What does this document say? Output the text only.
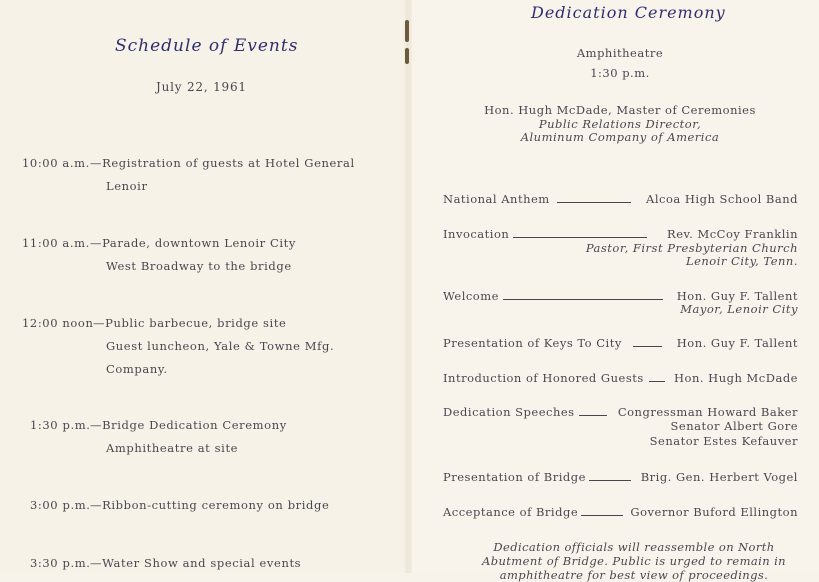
Schedule of Events
July 22, 1961
10:00 a.m. —Registration of guests at Hotel General
Lenoir
11:00 a.m. —Parade, downtown Lenoir City
West Broadway to the bridge
12:00 noon —Public barbecue, bridge site
Guest luncheon, Yale & Towne Mfg.
Company.
1:30 p.m. —Bridge Dedication Ceremony
Amphitheatre at site
3:00 p.m. —Ribbon-cutting ceremony on bridge
3:30 p.m. —Water Show and special events
Dedication Ceremony
Amphitheatre
1:30 p.m.
Hon. Hugh McDade, Master of Ceremonies
Public Relations Director,
Aluminum Company of America
National Anthem	Alcoa High School Band
Invocation	Rev. McCoy Franklin
Pastor, First Presbyterian Church
Lenoir City, Tenn.
Welcome	Hon. Guy F. Tallent
Mayor, Lenoir City
Presentation of Keys To City	Hon. Guy F. Tallent
Introduction of Honored Guests	Hon. Hugh McDade
Dedication Speeches	Congressman Howard Baker
Senator Albert Gore
Senator Estes Kefauver
Presentation of Bridge	Brig. Gen. Herbert Vogel
Acceptance of Bridge	Governor Buford Ellington
Dedication officials will reassemble on North Abutment of Bridge. Public is urged to remain in amphitheatre for best view of proceedings.
